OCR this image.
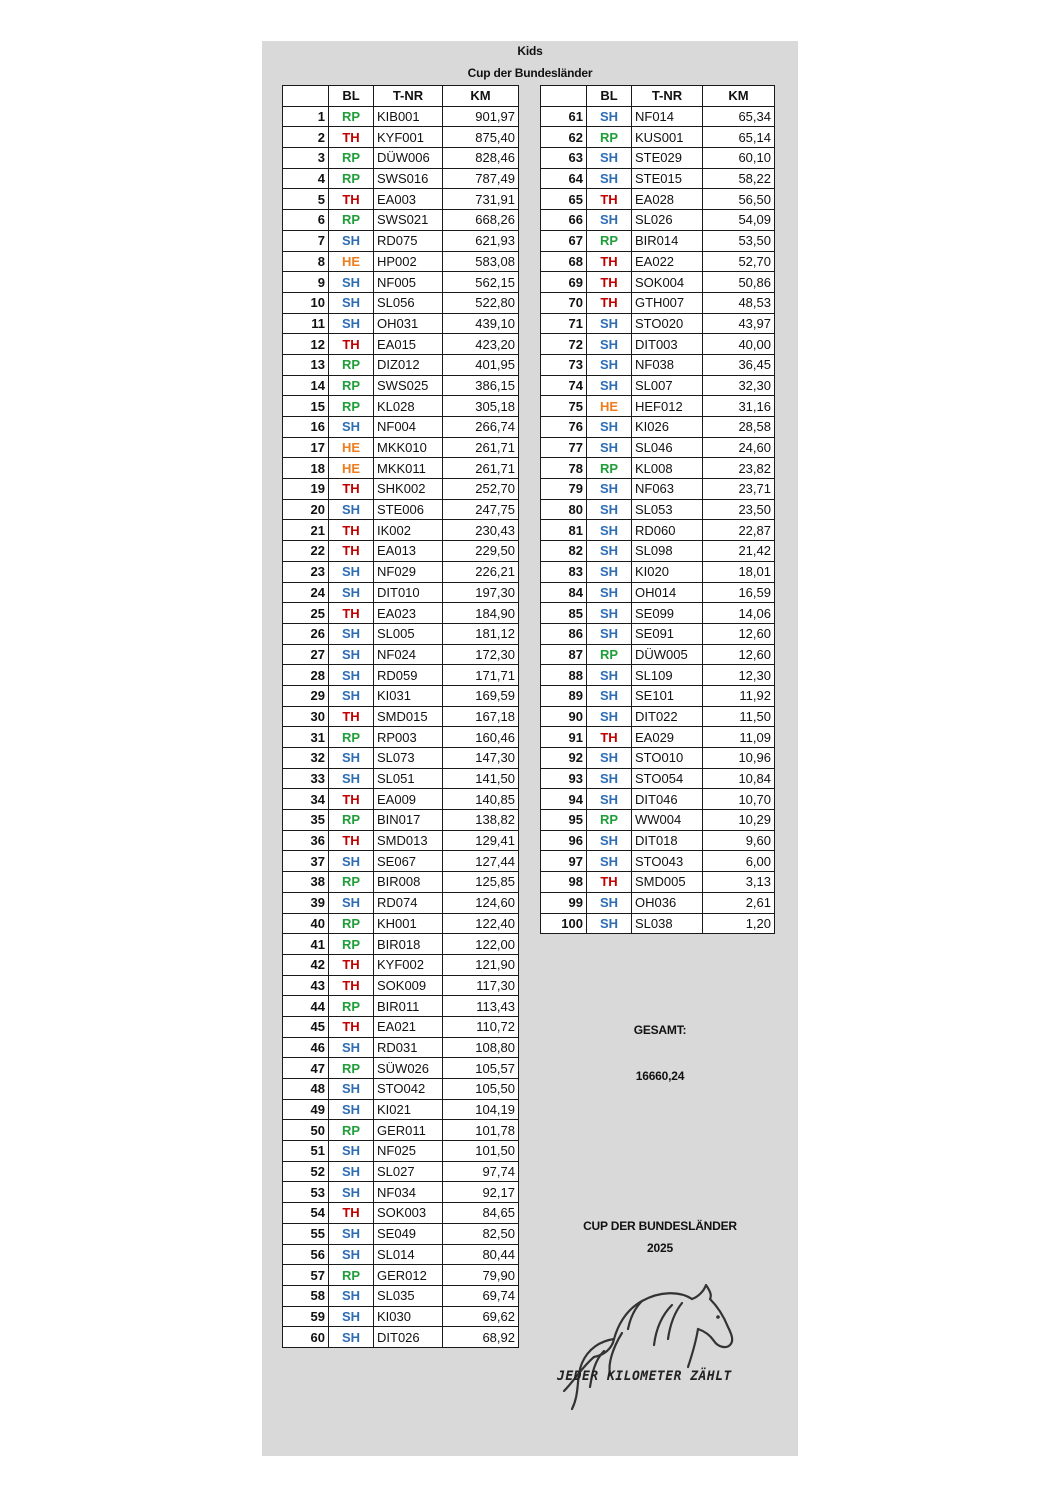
Kids
Cup der Bundesländer
	BL	T-NR	KM
1	RP	KIB001	901,97
2	TH	KYF001	875,40
3	RP	DÜW006	828,46
4	RP	SWS016	787,49
5	TH	EA003	731,91
6	RP	SWS021	668,26
7	SH	RD075	621,93
8	HE	HP002	583,08
9	SH	NF005	562,15
10	SH	SL056	522,80
11	SH	OH031	439,10
12	TH	EA015	423,20
13	RP	DIZ012	401,95
14	RP	SWS025	386,15
15	RP	KL028	305,18
16	SH	NF004	266,74
17	HE	MKK010	261,71
18	HE	MKK011	261,71
19	TH	SHK002	252,70
20	SH	STE006	247,75
21	TH	IK002	230,43
22	TH	EA013	229,50
23	SH	NF029	226,21
24	SH	DIT010	197,30
25	TH	EA023	184,90
26	SH	SL005	181,12
27	SH	NF024	172,30
28	SH	RD059	171,71
29	SH	KI031	169,59
30	TH	SMD015	167,18
31	RP	RP003	160,46
32	SH	SL073	147,30
33	SH	SL051	141,50
34	TH	EA009	140,85
35	RP	BIN017	138,82
36	TH	SMD013	129,41
37	SH	SE067	127,44
38	RP	BIR008	125,85
39	SH	RD074	124,60
40	RP	KH001	122,40
41	RP	BIR018	122,00
42	TH	KYF002	121,90
43	TH	SOK009	117,30
44	RP	BIR011	113,43
45	TH	EA021	110,72
46	SH	RD031	108,80
47	RP	SÜW026	105,57
48	SH	STO042	105,50
49	SH	KI021	104,19
50	RP	GER011	101,78
51	SH	NF025	101,50
52	SH	SL027	97,74
53	SH	NF034	92,17
54	TH	SOK003	84,65
55	SH	SE049	82,50
56	SH	SL014	80,44
57	RP	GER012	79,90
58	SH	SL035	69,74
59	SH	KI030	69,62
60	SH	DIT026	68,92
	BL	T-NR	KM
61	SH	NF014	65,34
62	RP	KUS001	65,14
63	SH	STE029	60,10
64	SH	STE015	58,22
65	TH	EA028	56,50
66	SH	SL026	54,09
67	RP	BIR014	53,50
68	TH	EA022	52,70
69	TH	SOK004	50,86
70	TH	GTH007	48,53
71	SH	STO020	43,97
72	SH	DIT003	40,00
73	SH	NF038	36,45
74	SH	SL007	32,30
75	HE	HEF012	31,16
76	SH	KI026	28,58
77	SH	SL046	24,60
78	RP	KL008	23,82
79	SH	NF063	23,71
80	SH	SL053	23,50
81	SH	RD060	22,87
82	SH	SL098	21,42
83	SH	KI020	18,01
84	SH	OH014	16,59
85	SH	SE099	14,06
86	SH	SE091	12,60
87	RP	DÜW005	12,60
88	SH	SL109	12,30
89	SH	SE101	11,92
90	SH	DIT022	11,50
91	TH	EA029	11,09
92	SH	STO010	10,96
93	SH	STO054	10,84
94	SH	DIT046	10,70
95	RP	WW004	10,29
96	SH	DIT018	9,60
97	SH	STO043	6,00
98	TH	SMD005	3,13
99	SH	OH036	2,61
100	SH	SL038	1,20
GESAMT:
16660,24
CUP DER BUNDESLÄNDER
2025
JEDER KILOMETER ZÄHLT
